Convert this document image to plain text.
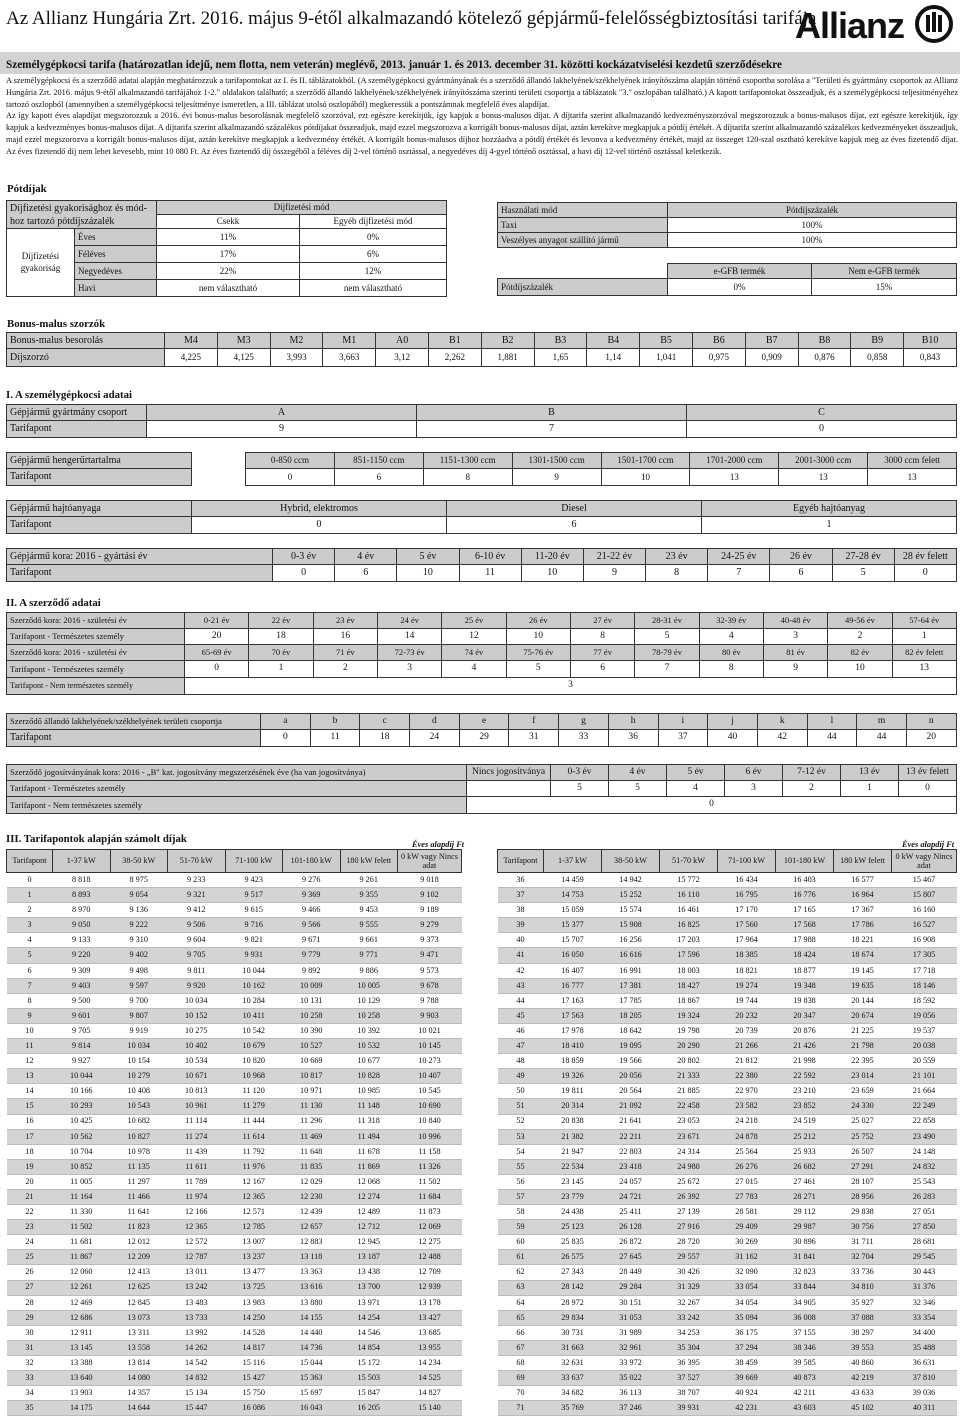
Az Allianz Hungária Zrt. 2016. május 9-étől alkalmazandó kötelező gépjármű-felelősségbiztosítási tarifája
Allianz
Személygépkocsi tarifa (határozatlan idejű, nem flotta, nem veterán) meglévő, 2013. január 1. és 2013. december 31. közötti kockázatviselési kezdetű szerződésekre

A személygépkocsi és a szerződő adatai alapján meghatározzuk a tarifapontokat az I. és II. táblázatokból. (A személygépkocsi gyártmányának és a szerződő állandó lakhelyének/székhelyének irányítószáma alapján történő csoportba sorolása a "Területi és gyártmány csoportok az Allianz Hungária Zrt. 2016. május 9-étől alkalmazandó tarifájához 1-2." oldalakon található; a szerződő állandó lakhelyének/székhelyének irányítószáma szerinti területi csoportja a táblázatok "3." oszlopában található.) A kapott tarifapontokat összeadjuk, és a személygépkocsi teljesítményéhez tartozó oszlopból (amennyiben a személygépkocsi teljesítménye ismeretlen, a III. táblázat utolsó oszlopából) megkeressük a pontszámnak megfelelő éves alapdíjat.

Az így kapott éves alapdíjat megszorozzuk a 2016. évi bonus-malus besorolásnak megfelelő szorzóval, ezt egészre kerekítjük, így kapjuk a bonus-malusos díjat. A díjtarifa szerint alkalmazandó kedvezményszorzóval megszorozzuk a bonus-malusos díjat, ezt egészre kerekítjük, így kapjuk a kedvezményes bonus-malusos díjat. A díjtarifa szerint alkalmazandó százalékos pótdíjakat összeadjuk, majd ezzel megszorozva a korrigált bonus-malusos díjat, aztán kerekítve megkapjuk a pótdíj értékét. A díjtarifa szerint alkalmazandó százalékos kedvezményeket összeadjuk, majd ezzel megszorozva a korrigált bonus-malusos díjat, aztán kerekítve megkapjuk a kedvezmény értékét. A korrigált bonus-malusos díjhoz hozzáadva a pótdíj értékét és levonva a kedvezmény értékét, majd az összeget 120-szal osztható kerekítve kapjuk meg az éves fizetendő díjat. Az éves fizetendő díj nem lehet kevesebb, mint 10 080 Ft. Az éves fizetendő díj összegéből a féléves díj 2-vel történő osztással, a negyedéves díj 4-gyel történő osztással, a havi díj 12-vel történő osztással keletkezik.

Pótdíjak
Díjfizetési gyakorisághoz és mód-hoz tartozó pótdíjszázalék		Díjfizetési mód	
		Csekk	Egyéb díjfizetési mód
Díjfizetési gyakoriság	Éves	11%	0%
	Féléves	17%	6%
	Negyedéves	22%	12%
	Havi	nem választható	nem választható
Használati mód	Pótdíjszázalék
Taxi	100%
Veszélyes anyagot szállító jármű	100%
	e-GFB termék	Nem e-GFB termék
Pótdíjszázalék	0%	15%
Bonus-malus szorzók
Bonus-malus besorolás	M4	M3	M2	M1	A0	B1	B2	B3	B4	B5	B6	B7	B8	B9	B10
Díjszorzó	4,225	4,125	3,993	3,663	3,12	2,262	1,881	1,65	1,14	1,041	0,975	0,909	0,876	0,858	0,843
I. A személygépkocsi adatai
Gépjármű gyártmány csoport	A	B	C
Tarifapont	9	7	0
Gépjármű hengerűrtartalma		0-850 ccm	851-1150 ccm	1151-1300 ccm	1301-1500 ccm	1501-1700 ccm	1701-2000 ccm	2001-3000 ccm	3000 ccm felett
Tarifapont		0	6	8	9	10	13	13	13
Gépjármű hajtóanyaga	Hybrid, elektromos	Diesel	Egyéb hajtóanyag
Tarifapont	0	6	1
Gépjármű kora: 2016 - gyártási év	0-3 év	4 év	5 év	6-10 év	11-20 év	21-22 év	23 év	24-25 év	26 év	27-28 év	28 év felett
Tarifapont	0	6	10	11	10	9	8	7	6	5	0
II. A szerződő adatai
Szerződő kora: 2016 - születési év	0-21 év	22 év	23 év	24 év	25 év	26 év	27 év	28-31 év	32-39 év	40-48 év	49-56 év	57-64 év
Tarifapont - Természetes személy	20	18	16	14	12	10	8	5	4	3	2	1
Szerződő kora: 2016 - születési év	65-69 év	70 év	71 év	72-73 év	74 év	75-76 év	77 év	78-79 év	80 év	81 év	82 év	82 év felett
Tarifapont - Természetes személy	0	1	2	3	4	5	6	7	8	9	10	13
Tarifapont - Nem természetes személy	3											
Szerződő állandó lakhelyének/székhelyének területi csoportja	a	b	c	d	e	f	g	h	i	j	k	l	m	n
Tarifapont	0	11	18	24	29	31	33	36	37	40	42	44	44	20
Szerződő jogosítványának kora: 2016 - „B" kat. jogosítvány megszerzésének éve (ha van jogosítványa)	Nincs jogosítványa	0-3 év	4 év	5 év	6 év	7-12 év	13 év	13 év felett
Tarifapont - Természetes személy		5	5	4	3	2	1	0
Tarifapont - Nem természetes személy	0							
III. Tarifapontok alapján számolt díjak	Éves alapdíj Ft	Éves alapdíj Ft
Tarifapont	1-37 kW	38-50 kW	51-70 kW	71-100 kW	101-180 kW	180 kW felett	0 kW vagy Nincs adat
0	8 818	8 975	9 233	9 423	9 276	9 261	9 018
1	8 893	9 054	9 321	9 517	9 369	9 355	9 102
2	8 970	9 136	9 412	9 615	9 466	9 453	9 189
3	9 050	9 222	9 506	9 716	9 566	9 555	9 279
4	9 133	9 310	9 604	9 821	9 671	9 661	9 373
5	9 220	9 402	9 705	9 931	9 779	9 771	9 471
6	9 309	9 498	9 811	10 044	9 892	9 886	9 573
7	9 403	9 597	9 920	10 162	10 009	10 005	9 678
8	9 500	9 700	10 034	10 284	10 131	10 129	9 788
9	9 601	9 807	10 152	10 411	10 258	10 258	9 903
10	9 705	9 919	10 275	10 542	10 390	10 392	10 021
11	9 814	10 034	10 402	10 679	10 527	10 532	10 145
12	9 927	10 154	10 534	10 820	10 669	10 677	10 273
13	10 044	10 279	10 671	10 968	10 817	10 828	10 407
14	10 166	10 408	10 813	11 120	10 971	10 985	10 545
15	10 293	10 543	10 961	11 279	11 130	11 148	10 690
16	10 425	10 682	11 114	11 444	11 296	11 318	10 840
17	10 562	10 827	11 274	11 614	11 469	11 494	10 996
18	10 704	10 978	11 439	11 792	11 648	11 678	11 158
19	10 852	11 135	11 611	11 976	11 835	11 869	11 326
20	11 005	11 297	11 789	12 167	12 029	12 068	11 502
21	11 164	11 466	11 974	12 365	12 230	12 274	11 684
22	11 330	11 641	12 166	12 571	12 439	12 489	11 873
23	11 502	11 823	12 365	12 785	12 657	12 712	12 069
24	11 681	12 012	12 572	13 007	12 883	12 945	12 275
25	11 867	12 209	12 787	13 237	13 118	13 187	12 488
26	12 060	12 413	13 011	13 477	13 363	13 438	12 709
27	12 261	12 625	13 242	13 725	13 616	13 700	12 939
28	12 469	12 845	13 483	13 983	13 880	13 971	13 178
29	12 686	13 073	13 733	14 250	14 155	14 254	13 427
30	12 911	13 311	13 992	14 528	14 440	14 546	13 685
31	13 145	13 558	14 262	14 817	14 736	14 854	13 955
32	13 388	13 814	14 542	15 116	15 044	15 172	14 234
33	13 640	14 080	14 832	15 427	15 363	15 503	14 525
34	13 903	14 357	15 134	15 750	15 697	15 847	14 827
35	14 175	14 644	15 447	16 086	16 043	16 205	15 140
Tarifapont	1-37 kW	38-50 kW	51-70 kW	71-100 kW	101-180 kW	180 kW felett	0 kW vagy Nincs adat
36	14 459	14 942	15 772	16 434	16 403	16 577	15 467
37	14 753	15 252	16 110	16 795	16 776	16 964	15 807
38	15 059	15 574	16 461	17 170	17 165	17 367	16 160
39	15 377	15 908	16 825	17 560	17 568	17 786	16 527
40	15 707	16 256	17 203	17 964	17 988	18 221	16 908
41	16 050	16 616	17 596	18 385	18 424	18 674	17 305
42	16 407	16 991	18 003	18 821	18 877	19 145	17 718
43	16 777	17 381	18 427	19 274	19 348	19 635	18 146
44	17 163	17 785	18 867	19 744	19 838	20 144	18 592
45	17 563	18 205	19 324	20 232	20 347	20 674	19 056
46	17 978	18 642	19 798	20 739	20 876	21 225	19 537
47	18 410	19 095	20 290	21 266	21 426	21 798	20 038
48	18 859	19 566	20 802	21 812	21 998	22 395	20 559
49	19 326	20 056	21 333	22 380	22 592	23 014	21 101
50	19 811	20 564	21 885	22 970	23 210	23 659	21 664
51	20 314	21 092	22 458	23 582	23 852	24 330	22 249
52	20 838	21 641	23 053	24 218	24 519	25 027	22 858
53	21 382	22 211	23 671	24 878	25 212	25 752	23 490
54	21 947	22 803	24 314	25 564	25 933	26 507	24 148
55	22 534	23 418	24 980	26 276	26 682	27 291	24 832
56	23 145	24 057	25 672	27 015	27 461	28 107	25 543
57	23 779	24 721	26 392	27 783	28 271	28 956	26 283
58	24 438	25 411	27 139	28 581	29 112	29 838	27 051
59	25 123	26 128	27 916	29 409	29 987	30 756	27 850
60	25 835	26 872	28 720	30 269	30 896	31 711	28 681
61	26 575	27 645	29 557	31 162	31 841	32 704	29 545
62	27 343	28 449	30 426	32 090	32 823	33 736	30 443
63	28 142	29 284	31 329	33 054	33 844	34 810	31 376
64	28 972	30 151	32 267	34 054	34 905	35 927	32 346
65	29 834	31 053	33 242	35 094	36 008	37 088	33 354
66	30 731	31 989	34 253	36 175	37 155	38 297	34 400
67	31 663	32 961	35 304	37 294	38 346	39 553	35 488
68	32 631	33 972	36 395	38 459	39 585	40 860	36 631
69	33 637	35 022	37 527	39 669	40 873	42 219	37 810
70	34 682	36 113	38 707	40 924	42 211	43 633	39 036
71	35 769	37 246	39 931	42 231	43 603	45 102	40 311
